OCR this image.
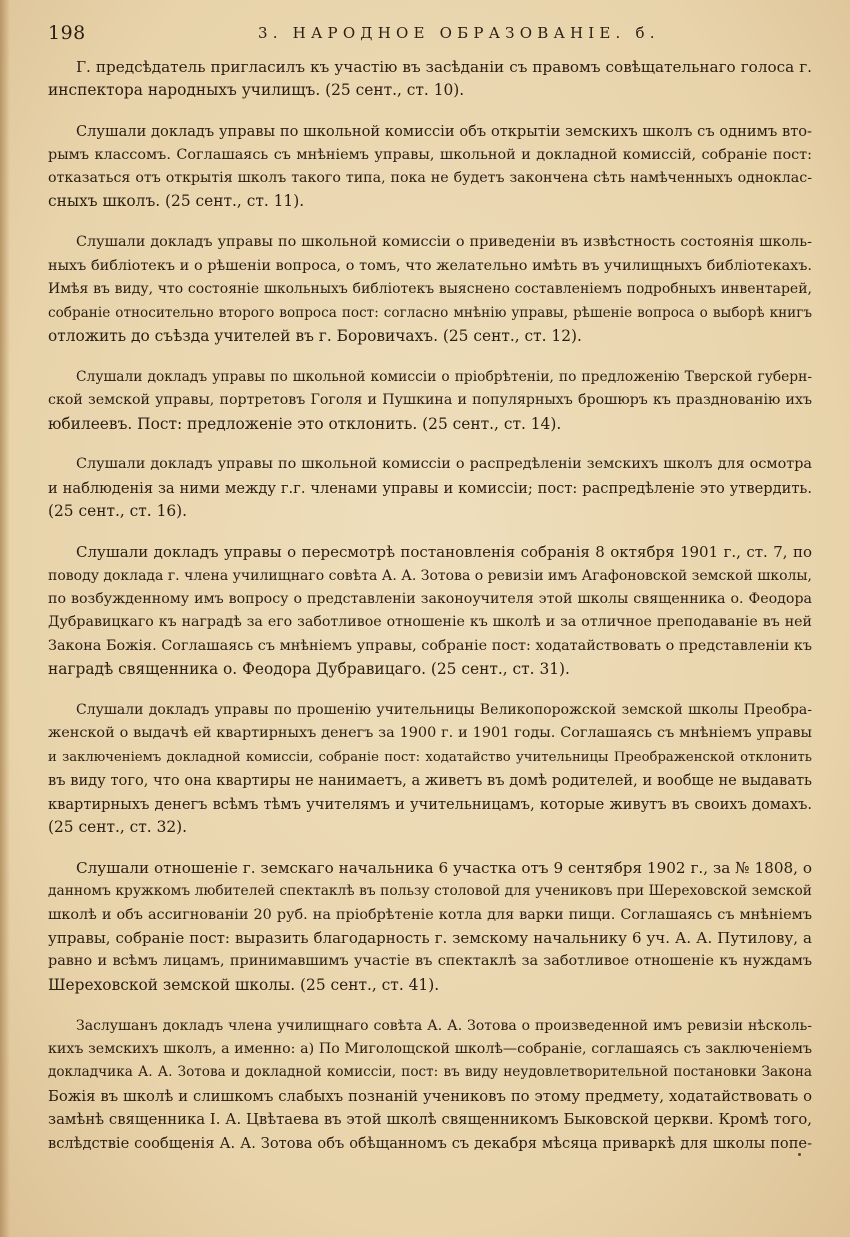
198	3. НАРОДНОЕ ОБРАЗОВАНІЕ. б.

Г. предсѣдатель пригласилъ къ участію въ засѣданіи съ правомъ совѣщательнаго голоса г.

инспектора народныхъ училищъ. (25 сент., ст. 10).

Слушали докладъ управы по школьной комиссіи объ открытіи земскихъ школъ съ однимъ вто-

рымъ классомъ. Соглашаясь съ мнѣніемъ управы, школьной и докладной комиссій, собраніе пост:

отказаться отъ открытія школъ такого типа, пока не будетъ закончена сѣть намѣченныхъ однoклас-

сныхъ школъ. (25 сент., ст. 11).

Слушали докладъ управы по школьной комиссіи о приведеніи въ извѣстность состоянія школь-

ныхъ библіотекъ и о рѣшеніи вопроса, о томъ, что желательно имѣть въ училищныхъ библіотекахъ.

Имѣя въ виду, что состояніе школьныхъ библіотекъ выяснено составленіемъ подробныхъ инвентарей,

собраніе относительно второго вопроса пост: согласно мнѣнію управы, рѣшеніе вопроса о выборѣ книгъ

отложить до съѣзда учителей въ г. Боровичахъ. (25 сент., ст. 12).

Слушали докладъ управы по школьной комиссіи о пріобрѣтеніи, по предложенію Тверской губерн-

ской земской управы, портретовъ Гоголя и Пушкина и популярныхъ брошюръ къ празднованію ихъ

юбилеевъ. Пост: предложеніе это отклонить. (25 сент., ст. 14).

Слушали докладъ управы по школьной комиссіи о распредѣленіи земскихъ школъ для осмотра

и наблюденія за ними между г.г. членами управы и комиссіи; пост: распредѣленіе это утвердить.

(25 сент., ст. 16).

Слушали докладъ управы о пересмотрѣ постановленія собранія 8 октября 1901 г., ст. 7, по

поводу доклада г. члена училищнаго совѣта А. А. Зотова о ревизіи имъ Агафоновской земской школы,

по возбужденному имъ вопросу о представленіи законоучителя этой школы священника о. Феодора

Дубравицкаго къ наградѣ за его заботливое отношеніе къ школѣ и за отличное преподаваніе въ ней

Закона Божія. Соглашаясь съ мнѣніемъ управы, собраніе пост: ходатайствовать о представленіи къ

наградѣ священника о. Феодора Дубравицаго. (25 сент., ст. 31).

Слушали докладъ управы по прошенію учительницы Великопорожской земской школы Преобра-

женской о выдачѣ ей квартирныхъ денегъ за 1900 г. и 1901 годы. Соглашаясь съ мнѣніемъ управы

и заключеніемъ докладной комиссіи, собраніе пост: ходатайство учительницы Преображенской отклонить

въ виду того, что она квартиры не нанимаетъ, а живетъ въ домѣ родителей, и вообще не выдавать

квартирныхъ денегъ всѣмъ тѣмъ учителямъ и учительницамъ, которые живутъ въ своихъ домахъ.

(25 сент., ст. 32).

Слушали отношеніе г. земскаго начальника 6 участка отъ 9 сентября 1902 г., за № 1808, о

данномъ кружкомъ любителей спектаклѣ въ пользу столовой для учениковъ при Шереховской земской

школѣ и объ ассигнованіи 20 руб. на пріобрѣтеніе котла для варки пищи. Соглашаясь съ мнѣніемъ

управы, собраніе пост: выразить благодарность г. земскому начальнику 6 уч. А. А. Путилову, а

равно и всѣмъ лицамъ, принимавшимъ участіе въ спектаклѣ за заботливое отношеніе къ нуждамъ

Шереховской земской школы. (25 сент., ст. 41).

Заслушанъ докладъ члена училищнаго совѣта А. А. Зотова о произведенной имъ ревизіи нѣсколь-

кихъ земскихъ школъ, а именно: а) По Миголощской школѣ—собраніе, соглашаясь съ заключеніемъ

докладчика А. А. Зотова и докладной комиссіи, пост: въ виду неудовлетворительной постановки Закона

Божія въ школѣ и слишкомъ слабыхъ познаній учениковъ по этому предмету, ходатайствовать о

замѣнѣ священника І. А. Цвѣтаева въ этой школѣ священникомъ Быковской церкви. Кромѣ того,

вслѣдствіе сообщенія А. А. Зотова объ обѣщанномъ съ декабря мѣсяца приваркѣ для школы попе-
